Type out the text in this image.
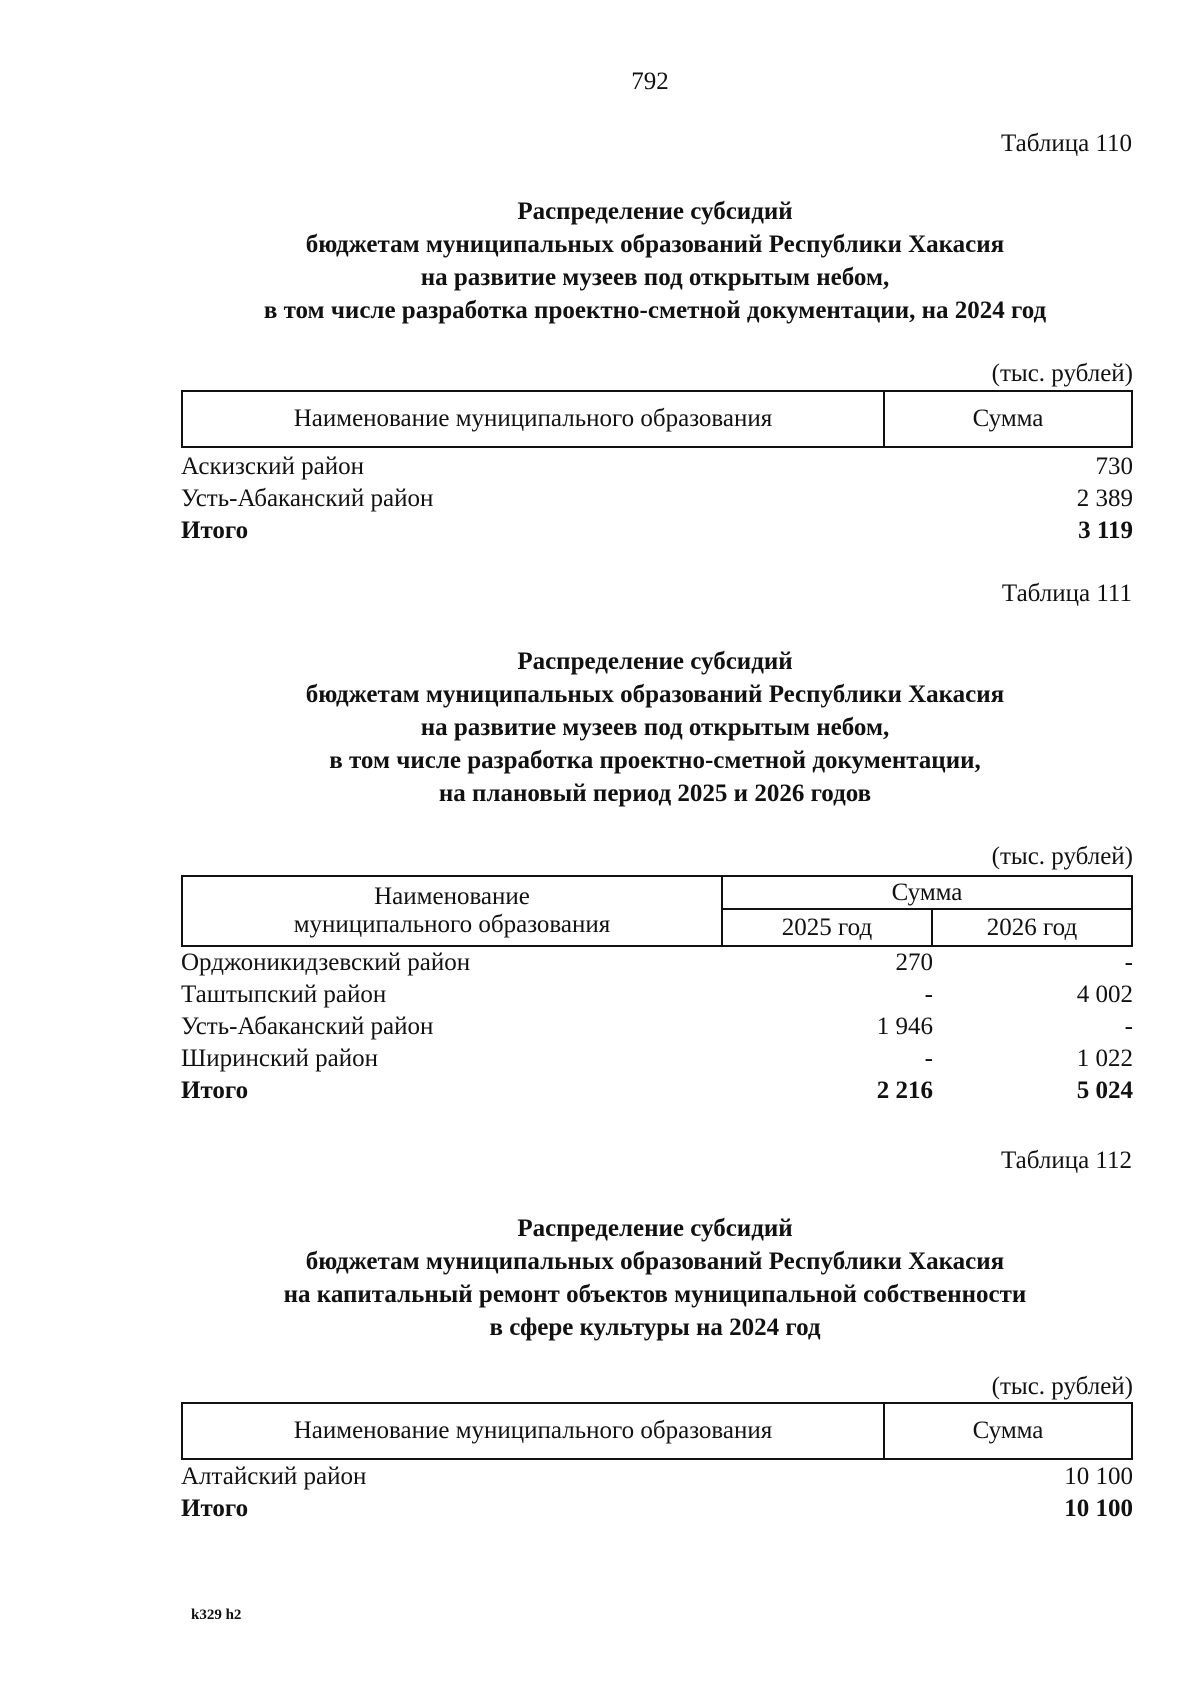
792
Таблица 110
Распределение субсидий
бюджетам муниципальных образований Республики Хакасия
на развитие музеев под открытым небом,
в том числе разработка проектно-сметной документации, на 2024 год
(тыс. рублей)
Наименование муниципального образования	Сумма
Аскизский район	730
Усть-Абаканский район	2 389
Итого	3 119
Таблица 111
Распределение субсидий
бюджетам муниципальных образований Республики Хакасия
на развитие музеев под открытым небом,
в том числе разработка проектно-сметной документации,
на плановый период 2025 и 2026 годов
(тыс. рублей)
Наименование
муниципального образования	Сумма	
	2025 год	2026 год
Орджоникидзевский район	270	-
Таштыпский район	-	4 002
Усть-Абаканский район	1 946	-
Ширинский район	-	1 022
Итого	2 216	5 024
Таблица 112
Распределение субсидий
бюджетам муниципальных образований Республики Хакасия
на капитальный ремонт объектов муниципальной собственности
в сфере культуры на 2024 год
(тыс. рублей)
Наименование муниципального образования	Сумма
Алтайский район	10 100
Итого	10 100
k329 h2
